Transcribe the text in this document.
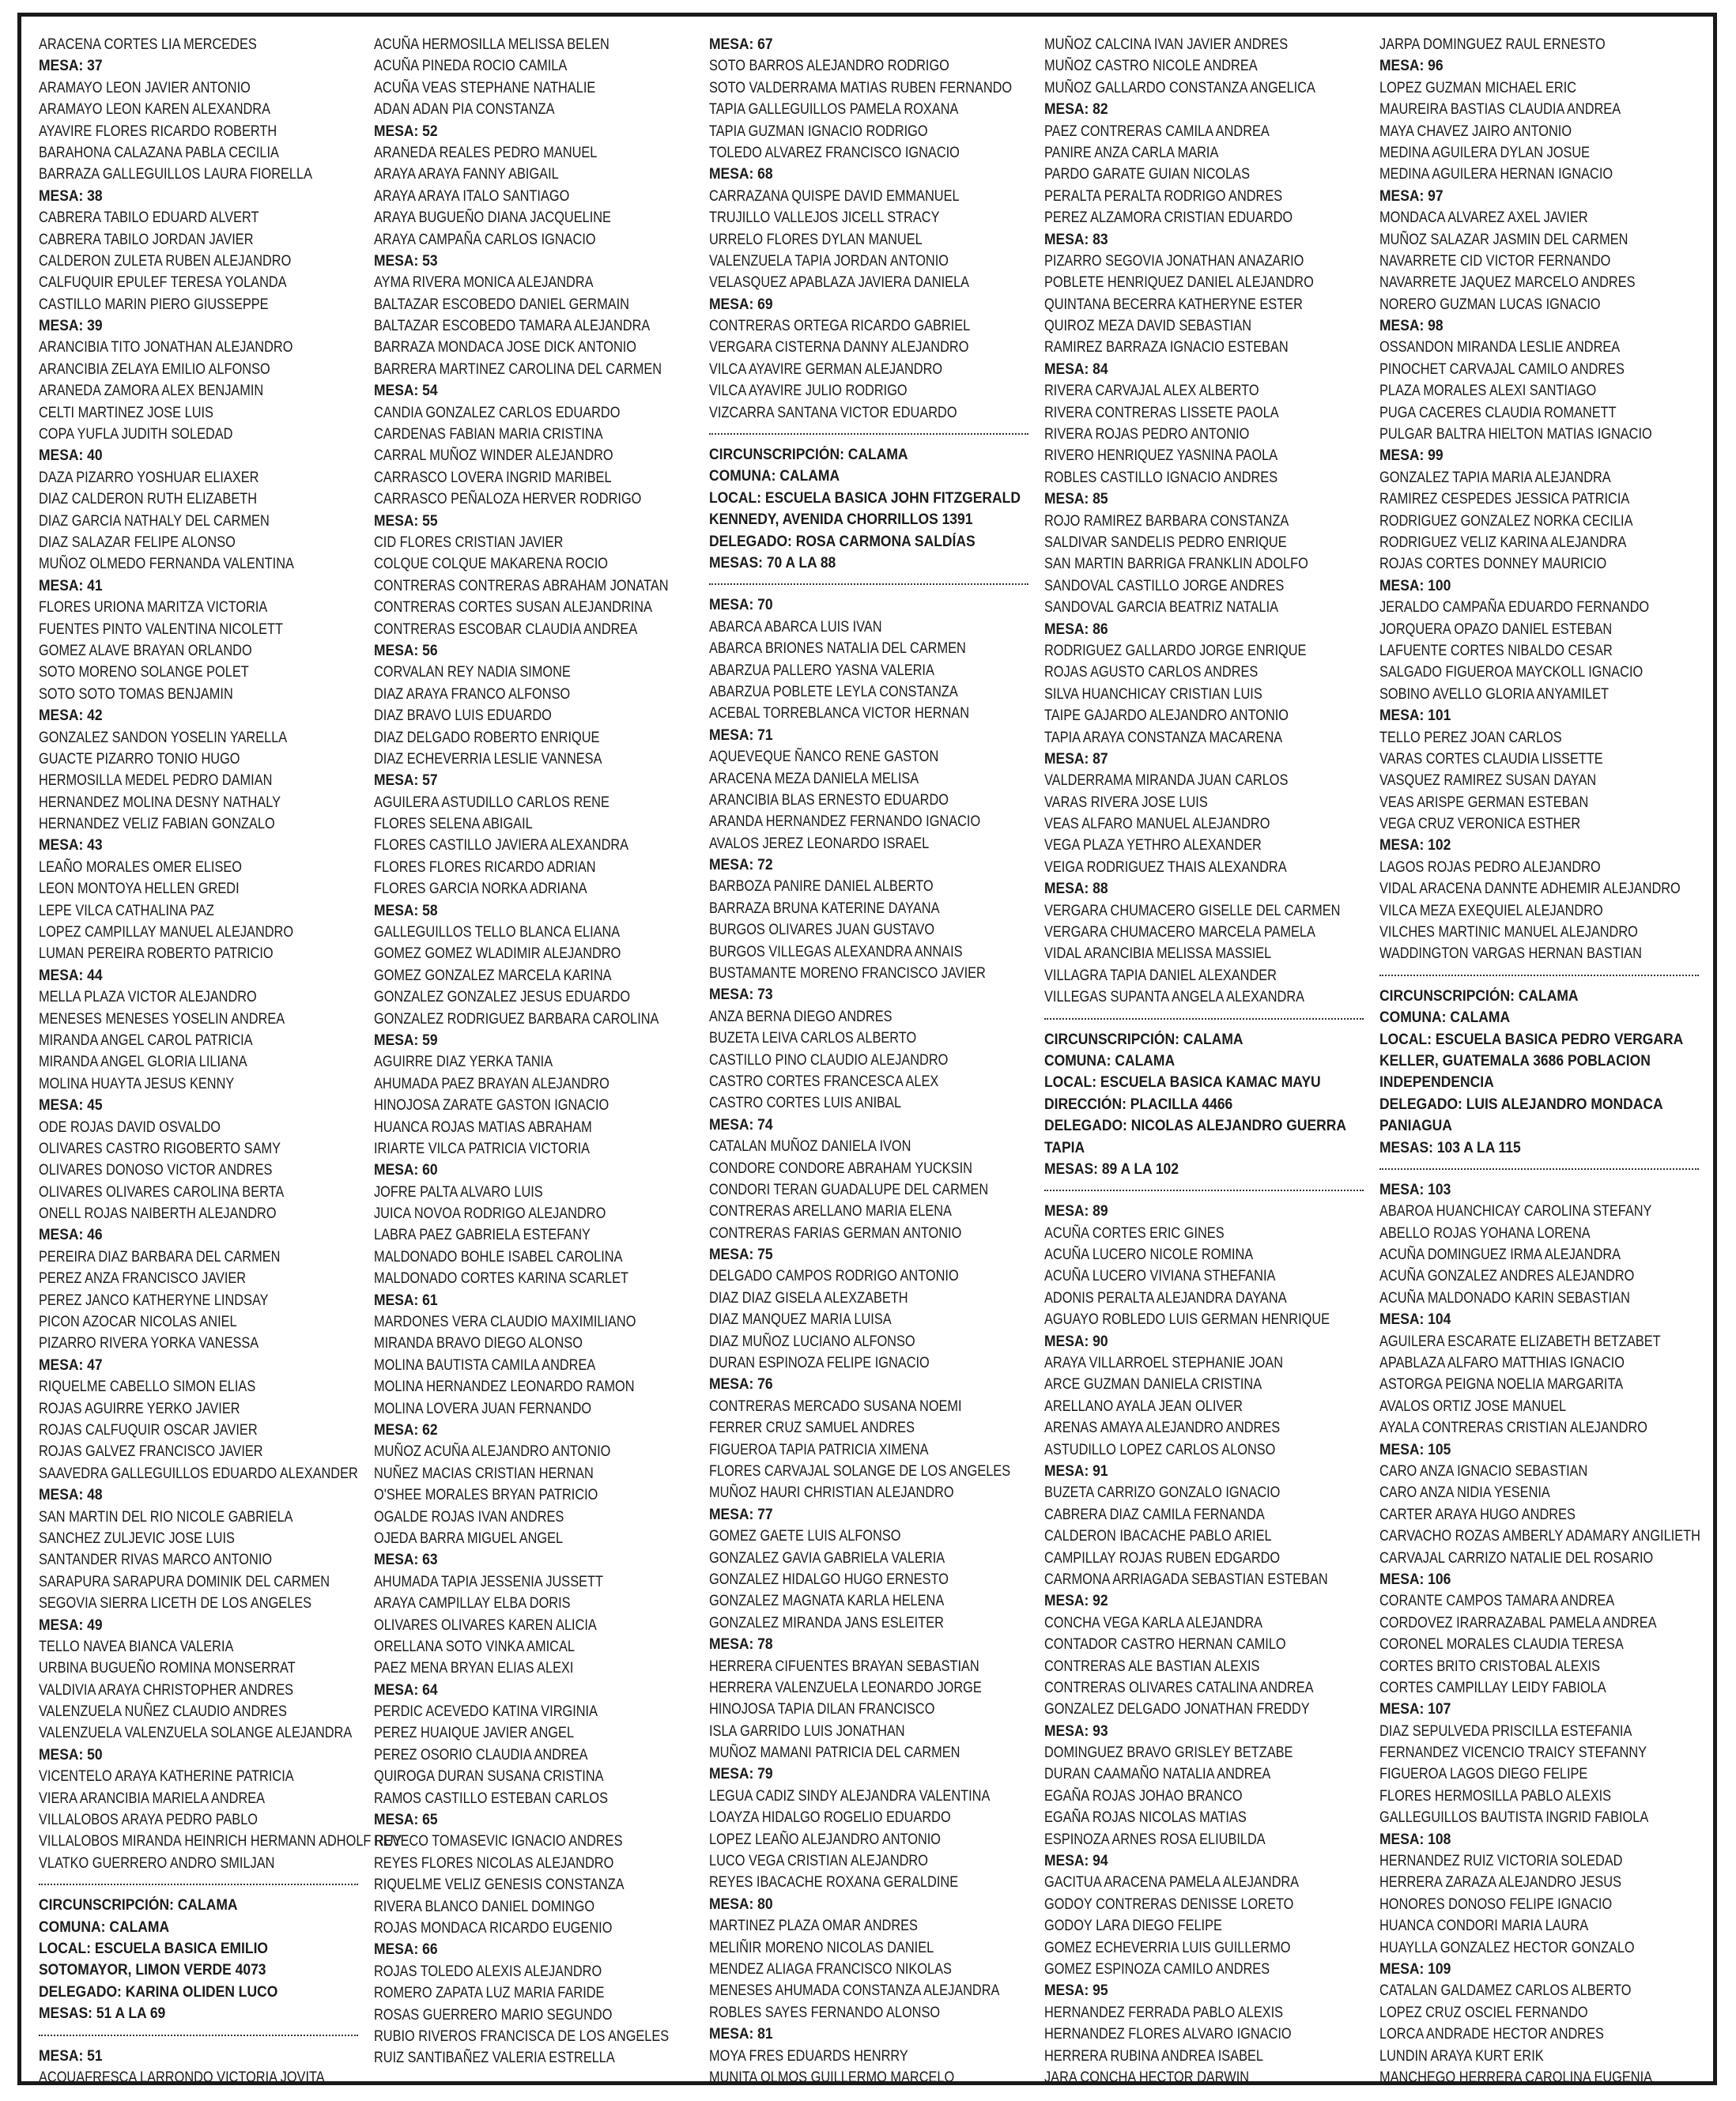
ARACENA CORTES LIA MERCEDES
MESA: 37
ARAMAYO LEON JAVIER ANTONIO
ARAMAYO LEON KAREN ALEXANDRA
AYAVIRE FLORES RICARDO ROBERTH
BARAHONA CALAZANA PABLA CECILIA
BARRAZA GALLEGUILLOS LAURA FIORELLA
MESA: 38
CABRERA TABILO EDUARD ALVERT
CABRERA TABILO JORDAN JAVIER
CALDERON ZULETA RUBEN ALEJANDRO
CALFUQUIR EPULEF TERESA YOLANDA
CASTILLO MARIN PIERO GIUSSEPPE
MESA: 39
ARANCIBIA TITO JONATHAN ALEJANDRO
ARANCIBIA ZELAYA EMILIO ALFONSO
ARANEDA ZAMORA ALEX BENJAMIN
CELTI MARTINEZ JOSE LUIS
COPA YUFLA JUDITH SOLEDAD
MESA: 40
DAZA PIZARRO YOSHUAR ELIAXER
DIAZ CALDERON RUTH ELIZABETH
DIAZ GARCIA NATHALY DEL CARMEN
DIAZ SALAZAR FELIPE ALONSO
MUÑOZ OLMEDO FERNANDA VALENTINA
MESA: 41
FLORES URIONA MARITZA VICTORIA
FUENTES PINTO VALENTINA NICOLETT
GOMEZ ALAVE BRAYAN ORLANDO
SOTO MORENO SOLANGE POLET
SOTO SOTO TOMAS BENJAMIN
MESA: 42
GONZALEZ SANDON YOSELIN YARELLA
GUACTE PIZARRO TONIO HUGO
HERMOSILLA MEDEL PEDRO DAMIAN
HERNANDEZ MOLINA DESNY NATHALY
HERNANDEZ VELIZ FABIAN GONZALO
MESA: 43
LEAÑO MORALES OMER ELISEO
LEON MONTOYA HELLEN GREDI
LEPE VILCA CATHALINA PAZ
LOPEZ CAMPILLAY MANUEL ALEJANDRO
LUMAN PEREIRA ROBERTO PATRICIO
MESA: 44
MELLA PLAZA VICTOR ALEJANDRO
MENESES MENESES YOSELIN ANDREA
MIRANDA ANGEL CAROL PATRICIA
MIRANDA ANGEL GLORIA LILIANA
MOLINA HUAYTA JESUS KENNY
MESA: 45
ODE ROJAS DAVID OSVALDO
OLIVARES CASTRO RIGOBERTO SAMY
OLIVARES DONOSO VICTOR ANDRES
OLIVARES OLIVARES CAROLINA BERTA
ONELL ROJAS NAIBERTH ALEJANDRO
MESA: 46
PEREIRA DIAZ BARBARA DEL CARMEN
PEREZ ANZA FRANCISCO JAVIER
PEREZ JANCO KATHERYNE LINDSAY
PICON AZOCAR NICOLAS ANIEL
PIZARRO RIVERA YORKA VANESSA
MESA: 47
RIQUELME CABELLO SIMON ELIAS
ROJAS AGUIRRE YERKO JAVIER
ROJAS CALFUQUIR OSCAR JAVIER
ROJAS GALVEZ FRANCISCO JAVIER
SAAVEDRA GALLEGUILLOS EDUARDO ALEXANDER
MESA: 48
SAN MARTIN DEL RIO NICOLE GABRIELA
SANCHEZ ZULJEVIC JOSE LUIS
SANTANDER RIVAS MARCO ANTONIO
SARAPURA SARAPURA DOMINIK DEL CARMEN
SEGOVIA SIERRA LICETH DE LOS ANGELES
MESA: 49
TELLO NAVEA BIANCA VALERIA
URBINA BUGUEÑO ROMINA MONSERRAT
VALDIVIA ARAYA CHRISTOPHER ANDRES
VALENZUELA NUÑEZ CLAUDIO ANDRES
VALENZUELA VALENZUELA SOLANGE ALEJANDRA
MESA: 50
VICENTELO ARAYA KATHERINE PATRICIA
VIERA ARANCIBIA MARIELA ANDREA
VILLALOBOS ARAYA PEDRO PABLO
VILLALOBOS MIRANDA HEINRICH HERMANN ADHOLF RUY
VLATKO GUERRERO ANDRO SMILJAN
CIRCUNSCRIPCIÓN: CALAMA
COMUNA: CALAMA
LOCAL: ESCUELA BASICA EMILIO
SOTOMAYOR, LIMON VERDE 4073
DELEGADO: KARINA OLIDEN LUCO
MESAS: 51 A LA 69
MESA: 51
ACQUAFRESCA LARRONDO VICTORIA JOVITA
ACUÑA HERMOSILLA MELISSA BELEN
ACUÑA PINEDA ROCIO CAMILA
ACUÑA VEAS STEPHANE NATHALIE
ADAN ADAN PIA CONSTANZA
MESA: 52
ARANEDA REALES PEDRO MANUEL
ARAYA ARAYA FANNY ABIGAIL
ARAYA ARAYA ITALO SANTIAGO
ARAYA BUGUEÑO DIANA JACQUELINE
ARAYA CAMPAÑA CARLOS IGNACIO
MESA: 53
AYMA RIVERA MONICA ALEJANDRA
BALTAZAR ESCOBEDO DANIEL GERMAIN
BALTAZAR ESCOBEDO TAMARA ALEJANDRA
BARRAZA MONDACA JOSE DICK ANTONIO
BARRERA MARTINEZ CAROLINA DEL CARMEN
MESA: 54
CANDIA GONZALEZ CARLOS EDUARDO
CARDENAS FABIAN MARIA CRISTINA
CARRAL MUÑOZ WINDER ALEJANDRO
CARRASCO LOVERA INGRID MARIBEL
CARRASCO PEÑALOZA HERVER RODRIGO
MESA: 55
CID FLORES CRISTIAN JAVIER
COLQUE COLQUE MAKARENA ROCIO
CONTRERAS CONTRERAS ABRAHAM JONATAN
CONTRERAS CORTES SUSAN ALEJANDRINA
CONTRERAS ESCOBAR CLAUDIA ANDREA
MESA: 56
CORVALAN REY NADIA SIMONE
DIAZ ARAYA FRANCO ALFONSO
DIAZ BRAVO LUIS EDUARDO
DIAZ DELGADO ROBERTO ENRIQUE
DIAZ ECHEVERRIA LESLIE VANNESA
MESA: 57
AGUILERA ASTUDILLO CARLOS RENE
FLORES SELENA ABIGAIL
FLORES CASTILLO JAVIERA ALEXANDRA
FLORES FLORES RICARDO ADRIAN
FLORES GARCIA NORKA ADRIANA
MESA: 58
GALLEGUILLOS TELLO BLANCA ELIANA
GOMEZ GOMEZ WLADIMIR ALEJANDRO
GOMEZ GONZALEZ MARCELA KARINA
GONZALEZ GONZALEZ JESUS EDUARDO
GONZALEZ RODRIGUEZ BARBARA CAROLINA
MESA: 59
AGUIRRE DIAZ YERKA TANIA
AHUMADA PAEZ BRAYAN ALEJANDRO
HINOJOSA ZARATE GASTON IGNACIO
HUANCA ROJAS MATIAS ABRAHAM
IRIARTE VILCA PATRICIA VICTORIA
MESA: 60
JOFRE PALTA ALVARO LUIS
JUICA NOVOA RODRIGO ALEJANDRO
LABRA PAEZ GABRIELA ESTEFANY
MALDONADO BOHLE ISABEL CAROLINA
MALDONADO CORTES KARINA SCARLET
MESA: 61
MARDONES VERA CLAUDIO MAXIMILIANO
MIRANDA BRAVO DIEGO ALONSO
MOLINA BAUTISTA CAMILA ANDREA
MOLINA HERNANDEZ LEONARDO RAMON
MOLINA LOVERA JUAN FERNANDO
MESA: 62
MUÑOZ ACUÑA ALEJANDRO ANTONIO
NUÑEZ MACIAS CRISTIAN HERNAN
O'SHEE MORALES BRYAN PATRICIO
OGALDE ROJAS IVAN ANDRES
OJEDA BARRA MIGUEL ANGEL
MESA: 63
AHUMADA TAPIA JESSENIA JUSSETT
ARAYA CAMPILLAY ELBA DORIS
OLIVARES OLIVARES KAREN ALICIA
ORELLANA SOTO VINKA AMICAL
PAEZ MENA BRYAN ELIAS ALEXI
MESA: 64
PERDIC ACEVEDO KATINA VIRGINIA
PEREZ HUAIQUE JAVIER ANGEL
PEREZ OSORIO CLAUDIA ANDREA
QUIROGA DURAN SUSANA CRISTINA
RAMOS CASTILLO ESTEBAN CARLOS
MESA: 65
REVECO TOMASEVIC IGNACIO ANDRES
REYES FLORES NICOLAS ALEJANDRO
RIQUELME VELIZ GENESIS CONSTANZA
RIVERA BLANCO DANIEL DOMINGO
ROJAS MONDACA RICARDO EUGENIO
MESA: 66
ROJAS TOLEDO ALEXIS ALEJANDRO
ROMERO ZAPATA LUZ MARIA FARIDE
ROSAS GUERRERO MARIO SEGUNDO
RUBIO RIVEROS FRANCISCA DE LOS ANGELES
RUIZ SANTIBAÑEZ VALERIA ESTRELLA
MESA: 67
SOTO BARROS ALEJANDRO RODRIGO
SOTO VALDERRAMA MATIAS RUBEN FERNANDO
TAPIA GALLEGUILLOS PAMELA ROXANA
TAPIA GUZMAN IGNACIO RODRIGO
TOLEDO ALVAREZ FRANCISCO IGNACIO
MESA: 68
CARRAZANA QUISPE DAVID EMMANUEL
TRUJILLO VALLEJOS JICELL STRACY
URRELO FLORES DYLAN MANUEL
VALENZUELA TAPIA JORDAN ANTONIO
VELASQUEZ APABLAZA JAVIERA DANIELA
MESA: 69
CONTRERAS ORTEGA RICARDO GABRIEL
VERGARA CISTERNA DANNY ALEJANDRO
VILCA AYAVIRE GERMAN ALEJANDRO
VILCA AYAVIRE JULIO RODRIGO
VIZCARRA SANTANA VICTOR EDUARDO
CIRCUNSCRIPCIÓN: CALAMA
COMUNA: CALAMA
LOCAL: ESCUELA BASICA JOHN FITZGERALD
KENNEDY, AVENIDA CHORRILLOS 1391
DELEGADO: ROSA CARMONA SALDÍAS
MESAS: 70 A LA 88
MESA: 70
ABARCA ABARCA LUIS IVAN
ABARCA BRIONES NATALIA DEL CARMEN
ABARZUA PALLERO YASNA VALERIA
ABARZUA POBLETE LEYLA CONSTANZA
ACEBAL TORREBLANCA VICTOR HERNAN
MESA: 71
AQUEVEQUE ÑANCO RENE GASTON
ARACENA MEZA DANIELA MELISA
ARANCIBIA BLAS ERNESTO EDUARDO
ARANDA HERNANDEZ FERNANDO IGNACIO
AVALOS JEREZ LEONARDO ISRAEL
MESA: 72
BARBOZA PANIRE DANIEL ALBERTO
BARRAZA BRUNA KATERINE DAYANA
BURGOS OLIVARES JUAN GUSTAVO
BURGOS VILLEGAS ALEXANDRA ANNAIS
BUSTAMANTE MORENO FRANCISCO JAVIER
MESA: 73
ANZA BERNA DIEGO ANDRES
BUZETA LEIVA CARLOS ALBERTO
CASTILLO PINO CLAUDIO ALEJANDRO
CASTRO CORTES FRANCESCA ALEX
CASTRO CORTES LUIS ANIBAL
MESA: 74
CATALAN MUÑOZ DANIELA IVON
CONDORE CONDORE ABRAHAM YUCKSIN
CONDORI TERAN GUADALUPE DEL CARMEN
CONTRERAS ARELLANO MARIA ELENA
CONTRERAS FARIAS GERMAN ANTONIO
MESA: 75
DELGADO CAMPOS RODRIGO ANTONIO
DIAZ DIAZ GISELA ALEXZABETH
DIAZ MANQUEZ MARIA LUISA
DIAZ MUÑOZ LUCIANO ALFONSO
DURAN ESPINOZA FELIPE IGNACIO
MESA: 76
CONTRERAS MERCADO SUSANA NOEMI
FERRER CRUZ SAMUEL ANDRES
FIGUEROA TAPIA PATRICIA XIMENA
FLORES CARVAJAL SOLANGE DE LOS ANGELES
MUÑOZ HAURI CHRISTIAN ALEJANDRO
MESA: 77
GOMEZ GAETE LUIS ALFONSO
GONZALEZ GAVIA GABRIELA VALERIA
GONZALEZ HIDALGO HUGO ERNESTO
GONZALEZ MAGNATA KARLA HELENA
GONZALEZ MIRANDA JANS ESLEITER
MESA: 78
HERRERA CIFUENTES BRAYAN SEBASTIAN
HERRERA VALENZUELA LEONARDO JORGE
HINOJOSA TAPIA DILAN FRANCISCO
ISLA GARRIDO LUIS JONATHAN
MUÑOZ MAMANI PATRICIA DEL CARMEN
MESA: 79
LEGUA CADIZ SINDY ALEJANDRA VALENTINA
LOAYZA HIDALGO ROGELIO EDUARDO
LOPEZ LEAÑO ALEJANDRO ANTONIO
LUCO VEGA CRISTIAN ALEJANDRO
REYES IBACACHE ROXANA GERALDINE
MESA: 80
MARTINEZ PLAZA OMAR ANDRES
MELIÑIR MORENO NICOLAS DANIEL
MENDEZ ALIAGA FRANCISCO NIKOLAS
MENESES AHUMADA CONSTANZA ALEJANDRA
ROBLES SAYES FERNANDO ALONSO
MESA: 81
MOYA FRES EDUARDS HENRRY
MUNITA OLMOS GUILLERMO MARCELO
MUÑOZ CALCINA IVAN JAVIER ANDRES
MUÑOZ CASTRO NICOLE ANDREA
MUÑOZ GALLARDO CONSTANZA ANGELICA
MESA: 82
PAEZ CONTRERAS CAMILA ANDREA
PANIRE ANZA CARLA MARIA
PARDO GARATE GUIAN NICOLAS
PERALTA PERALTA RODRIGO ANDRES
PEREZ ALZAMORA CRISTIAN EDUARDO
MESA: 83
PIZARRO SEGOVIA JONATHAN ANAZARIO
POBLETE HENRIQUEZ DANIEL ALEJANDRO
QUINTANA BECERRA KATHERYNE ESTER
QUIROZ MEZA DAVID SEBASTIAN
RAMIREZ BARRAZA IGNACIO ESTEBAN
MESA: 84
RIVERA CARVAJAL ALEX ALBERTO
RIVERA CONTRERAS LISSETE PAOLA
RIVERA ROJAS PEDRO ANTONIO
RIVERO HENRIQUEZ YASNINA PAOLA
ROBLES CASTILLO IGNACIO ANDRES
MESA: 85
ROJO RAMIREZ BARBARA CONSTANZA
SALDIVAR SANDELIS PEDRO ENRIQUE
SAN MARTIN BARRIGA FRANKLIN ADOLFO
SANDOVAL CASTILLO JORGE ANDRES
SANDOVAL GARCIA BEATRIZ NATALIA
MESA: 86
RODRIGUEZ GALLARDO JORGE ENRIQUE
ROJAS AGUSTO CARLOS ANDRES
SILVA HUANCHICAY CRISTIAN LUIS
TAIPE GAJARDO ALEJANDRO ANTONIO
TAPIA ARAYA CONSTANZA MACARENA
MESA: 87
VALDERRAMA MIRANDA JUAN CARLOS
VARAS RIVERA JOSE LUIS
VEAS ALFARO MANUEL ALEJANDRO
VEGA PLAZA YETHRO ALEXANDER
VEIGA RODRIGUEZ THAIS ALEXANDRA
MESA: 88
VERGARA CHUMACERO GISELLE DEL CARMEN
VERGARA CHUMACERO MARCELA PAMELA
VIDAL ARANCIBIA MELISSA MASSIEL
VILLAGRA TAPIA DANIEL ALEXANDER
VILLEGAS SUPANTA ANGELA ALEXANDRA
CIRCUNSCRIPCIÓN: CALAMA
COMUNA: CALAMA
LOCAL: ESCUELA BASICA KAMAC MAYU
DIRECCIÓN: PLACILLA 4466
DELEGADO: NICOLAS ALEJANDRO GUERRA
TAPIA
MESAS: 89 A LA 102
MESA: 89
ACUÑA CORTES ERIC GINES
ACUÑA LUCERO NICOLE ROMINA
ACUÑA LUCERO VIVIANA STHEFANIA
ADONIS PERALTA ALEJANDRA DAYANA
AGUAYO ROBLEDO LUIS GERMAN HENRIQUE
MESA: 90
ARAYA VILLARROEL STEPHANIE JOAN
ARCE GUZMAN DANIELA CRISTINA
ARELLANO AYALA JEAN OLIVER
ARENAS AMAYA ALEJANDRO ANDRES
ASTUDILLO LOPEZ CARLOS ALONSO
MESA: 91
BUZETA CARRIZO GONZALO IGNACIO
CABRERA DIAZ CAMILA FERNANDA
CALDERON IBACACHE PABLO ARIEL
CAMPILLAY ROJAS RUBEN EDGARDO
CARMONA ARRIAGADA SEBASTIAN ESTEBAN
MESA: 92
CONCHA VEGA KARLA ALEJANDRA
CONTADOR CASTRO HERNAN CAMILO
CONTRERAS ALE BASTIAN ALEXIS
CONTRERAS OLIVARES CATALINA ANDREA
GONZALEZ DELGADO JONATHAN FREDDY
MESA: 93
DOMINGUEZ BRAVO GRISLEY BETZABE
DURAN CAAMAÑO NATALIA ANDREA
EGAÑA ROJAS JOHAO BRANCO
EGAÑA ROJAS NICOLAS MATIAS
ESPINOZA ARNES ROSA ELIUBILDA
MESA: 94
GACITUA ARACENA PAMELA ALEJANDRA
GODOY CONTRERAS DENISSE LORETO
GODOY LARA DIEGO FELIPE
GOMEZ ECHEVERRIA LUIS GUILLERMO
GOMEZ ESPINOZA CAMILO ANDRES
MESA: 95
HERNANDEZ FERRADA PABLO ALEXIS
HERNANDEZ FLORES ALVARO IGNACIO
HERRERA RUBINA ANDREA ISABEL
JARA CONCHA HECTOR DARWIN
JARPA DOMINGUEZ RAUL ERNESTO
MESA: 96
LOPEZ GUZMAN MICHAEL ERIC
MAUREIRA BASTIAS CLAUDIA ANDREA
MAYA CHAVEZ JAIRO ANTONIO
MEDINA AGUILERA DYLAN JOSUE
MEDINA AGUILERA HERNAN IGNACIO
MESA: 97
MONDACA ALVAREZ AXEL JAVIER
MUÑOZ SALAZAR JASMIN DEL CARMEN
NAVARRETE CID VICTOR FERNANDO
NAVARRETE JAQUEZ MARCELO ANDRES
NORERO GUZMAN LUCAS IGNACIO
MESA: 98
OSSANDON MIRANDA LESLIE ANDREA
PINOCHET CARVAJAL CAMILO ANDRES
PLAZA MORALES ALEXI SANTIAGO
PUGA CACERES CLAUDIA ROMANETT
PULGAR BALTRA HIELTON MATIAS IGNACIO
MESA: 99
GONZALEZ TAPIA MARIA ALEJANDRA
RAMIREZ CESPEDES JESSICA PATRICIA
RODRIGUEZ GONZALEZ NORKA CECILIA
RODRIGUEZ VELIZ KARINA ALEJANDRA
ROJAS CORTES DONNEY MAURICIO
MESA: 100
JERALDO CAMPAÑA EDUARDO FERNANDO
JORQUERA OPAZO DANIEL ESTEBAN
LAFUENTE CORTES NIBALDO CESAR
SALGADO FIGUEROA MAYCKOLL IGNACIO
SOBINO AVELLO GLORIA ANYAMILET
MESA: 101
TELLO PEREZ JOAN CARLOS
VARAS CORTES CLAUDIA LISSETTE
VASQUEZ RAMIREZ SUSAN DAYAN
VEAS ARISPE GERMAN ESTEBAN
VEGA CRUZ VERONICA ESTHER
MESA: 102
LAGOS ROJAS PEDRO ALEJANDRO
VIDAL ARACENA DANNTE ADHEMIR ALEJANDRO
VILCA MEZA EXEQUIEL ALEJANDRO
VILCHES MARTINIC MANUEL ALEJANDRO
WADDINGTON VARGAS HERNAN BASTIAN
CIRCUNSCRIPCIÓN: CALAMA
COMUNA: CALAMA
LOCAL: ESCUELA BASICA PEDRO VERGARA
KELLER, GUATEMALA 3686 POBLACION
INDEPENDENCIA
DELEGADO: LUIS ALEJANDRO MONDACA
PANIAGUA
MESAS: 103 A LA 115
MESA: 103
ABAROA HUANCHICAY CAROLINA STEFANY
ABELLO ROJAS YOHANA LORENA
ACUÑA DOMINGUEZ IRMA ALEJANDRA
ACUÑA GONZALEZ ANDRES ALEJANDRO
ACUÑA MALDONADO KARIN SEBASTIAN
MESA: 104
AGUILERA ESCARATE ELIZABETH BETZABET
APABLAZA ALFARO MATTHIAS IGNACIO
ASTORGA PEIGNA NOELIA MARGARITA
AVALOS ORTIZ JOSE MANUEL
AYALA CONTRERAS CRISTIAN ALEJANDRO
MESA: 105
CARO ANZA IGNACIO SEBASTIAN
CARO ANZA NIDIA YESENIA
CARTER ARAYA HUGO ANDRES
CARVACHO ROZAS AMBERLY ADAMARY ANGILIETH
CARVAJAL CARRIZO NATALIE DEL ROSARIO
MESA: 106
CORANTE CAMPOS TAMARA ANDREA
CORDOVEZ IRARRAZABAL PAMELA ANDREA
CORONEL MORALES CLAUDIA TERESA
CORTES BRITO CRISTOBAL ALEXIS
CORTES CAMPILLAY LEIDY FABIOLA
MESA: 107
DIAZ SEPULVEDA PRISCILLA ESTEFANIA
FERNANDEZ VICENCIO TRAICY STEFANNY
FIGUEROA LAGOS DIEGO FELIPE
FLORES HERMOSILLA PABLO ALEXIS
GALLEGUILLOS BAUTISTA INGRID FABIOLA
MESA: 108
HERNANDEZ RUIZ VICTORIA SOLEDAD
HERRERA ZARAZA ALEJANDRO JESUS
HONORES DONOSO FELIPE IGNACIO
HUANCA CONDORI MARIA LAURA
HUAYLLA GONZALEZ HECTOR GONZALO
MESA: 109
CATALAN GALDAMEZ CARLOS ALBERTO
LOPEZ CRUZ OSCIEL FERNANDO
LORCA ANDRADE HECTOR ANDRES
LUNDIN ARAYA KURT ERIK
MANCHEGO HERRERA CAROLINA EUGENIA
